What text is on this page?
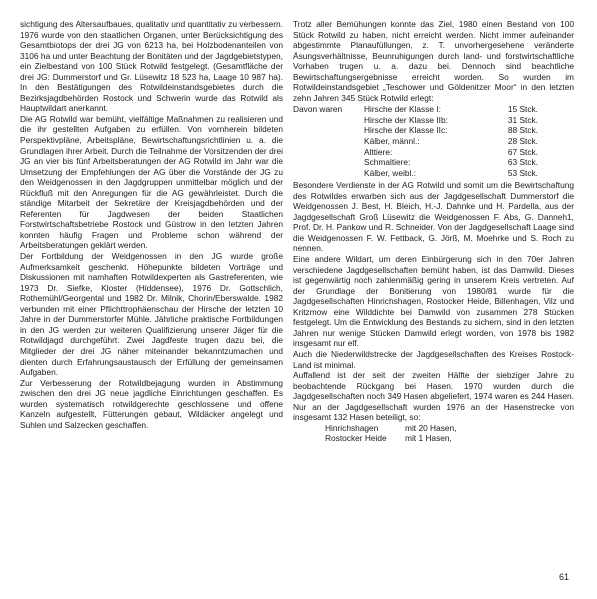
sichtigung des Altersaufbaues, qualitativ und quantitativ zu verbessern. 1976 wurde von den staatlichen Organen, unter Berücksichtigung des Gesamtbiotops der drei JG von 6213 ha, bei Holzbodenanteilen von 3106 ha und unter Beachtung der Bonitäten und der Jagdgebietstypen, ein Zielbestand von 100 Stück Rotwild festgelegt. (Gesamtfläche der drei JG: Dummerstorf und Gr. Lüsewitz 18 523 ha, Laage 10 987 ha). In den Bestätigungen des Rotwildeinstandsgebietes durch die Bezirksjagdbehörden Rostock und Schwerin wurde das Rotwild als Hauptwildart anerkannt.

Die AG Rotwild war bemüht, vielfältige Maßnahmen zu realisieren und die ihr gestellten Aufgaben zu erfüllen. Von vornherein bildeten Perspektivpläne, Arbeitspläne, Bewirtschaftungsrichtlinien u. a. die Grundlagen ihrer Arbeit. Durch die Teilnahme der Vorsitzenden der drei JG an vier bis fünf Arbeitsberatungen der AG Rotwild im Jahr war die Umsetzung der Empfehlungen der AG über die Vorstände der JG zu den Weidgenossen in den Jagdgruppen unmittelbar möglich und der Rückfluß mit den Anregungen für die AG gewährleistet. Durch die ständige Mitarbeit der Sekretäre der Kreisjagdbehörden und der Referenten für Jagdwesen der beiden Staatlichen Forstwirtschaftsbetriebe Rostock und Güstrow in den letzten Jahren konnten häufig Fragen und Probleme schon während der Arbeitsberatungen geklärt werden.

Der Fortbildung der Weidgenossen in den JG wurde große Aufmerksamkeit geschenkt. Höhepunkte bildeten Vorträge und Diskussionen mit namhaften Rotwildexperten als Gastreferenten, wie 1973 Dr. Siefke, Kloster (Hiddensee), 1976 Dr. Gottschlich, Rothemühl/Georgental und 1982 Dr. Milnik, Chorin/Eberswalde. 1982 verbunden mit einer Pflichttrophäenschau der Hirsche der letzten 10 Jahre in der Dummerstorfer Mühle. Jährliche praktische Fortbildungen in den JG werden zur weiteren Qualifizierung unserer Jäger für die Rotwildjagd durchgeführt. Zwei Jagdfeste trugen dazu bei, die Mitglieder der drei JG näher miteinander bekanntzumachen und dienten durch Erfahrungsaustausch der Erfüllung der gemeinsamen Aufgaben.

Zur Verbesserung der Rotwildbejagung wurden in Abstimmung zwischen den drei JG neue jagdliche Einrichtungen geschaffen. Es wurden systematisch rotwildgerechte geschlossene und offene Kanzeln aufgestellt, Fütterungen gebaut, Wildäcker angelegt und Suhlen und Salzecken geschaffen.

Trotz aller Bemühungen konnte das Ziel, 1980 einen Bestand von 100 Stück Rotwild zu haben, nicht erreicht werden. Nicht immer aufeinander abgestimmte Planaufüllungen, z. T. unvorhergesehene veränderte Äsungsverhältnisse, Beunruhigungen durch land- und forstwirtschaftliche Vorhaben trugen u. a. dazu bei. Dennoch sind beachtliche Bewirtschaftungsergebnisse erreicht worden. So wurden im Rotwildeinstandsgebiet „Teschower und Göldenitzer Moor“ in den letzten zehn Jahren 345 Stück Rotwild erlegt:

Davon waren	Hirsche der Klasse I:	15 Stck.
Hirsche der Klasse IIb:	31 Stck.
Hirsche der Klasse IIc:	88 Stck.
Kälber, männl.:	28 Stck.
Alttiere:	67 Stck.
Schmaltiere:	63 Stck.
Kälber, weibl.:	53 Stck.

Besondere Verdienste in der AG Rotwild und somit um die Bewirtschaftung des Rotwildes erwarben sich aus der Jagdgesellschaft Dummerstorf die Weidgenossen J. Best, H. Bleich, H.-J. Dahnke und H. Pardella, aus der Jagdgesellschaft Groß Lüsewitz die Weidgenossen F. Abs, G. Danneh1, Prof. Dr. H. Pankow und R. Schneider. Von der Jagdgesellschaft Laage sind die Weidgenossen F. W. Fettback, G. Jörß, M. Moehrke und S. Roch zu nennen.

Eine andere Wildart, um deren Einbürgerung sich in den 70er Jahren verschiedene Jagdgesellschaften bemüht haben, ist das Damwild. Dieses ist gegenwärtig noch zahlenmäßig gering in unserem Kreis vertreten. Auf der Grundlage der Bonitierung von 1980/81 wurde für die Jagdgesellschaften Hinrichshagen, Rostocker Heide, Billenhagen, Vilz und Kritzmow eine Wilddichte bei Damwild von zusammen 278 Stücken festgelegt. Um die Entwicklung des Bestands zu sichern, sind in den letzten Jahren nur wenige Stücken Damwild erlegt worden, von 1978 bis 1982 insgesamt nur elf.

Auch die Niederwildstrecke der Jagdgesellschaften des Kreises Rostock-Land ist minimal.

Auffallend ist der seit der zweiten Hälfte der siebziger Jahre zu beobachtende Rückgang bei Hasen. 1970 wurden durch die Jagdgesellschaften noch 349 Hasen abgeliefert, 1974 waren es 244 Hasen. Nur an der Jagdgesellschaft wurden 1976 an der Hasenstrecke von insgesamt 132 Hasen beteiligt, so:

Hinrichshagen	mit 20 Hasen,
Rostocker Heide	mit 1 Hasen,
61
